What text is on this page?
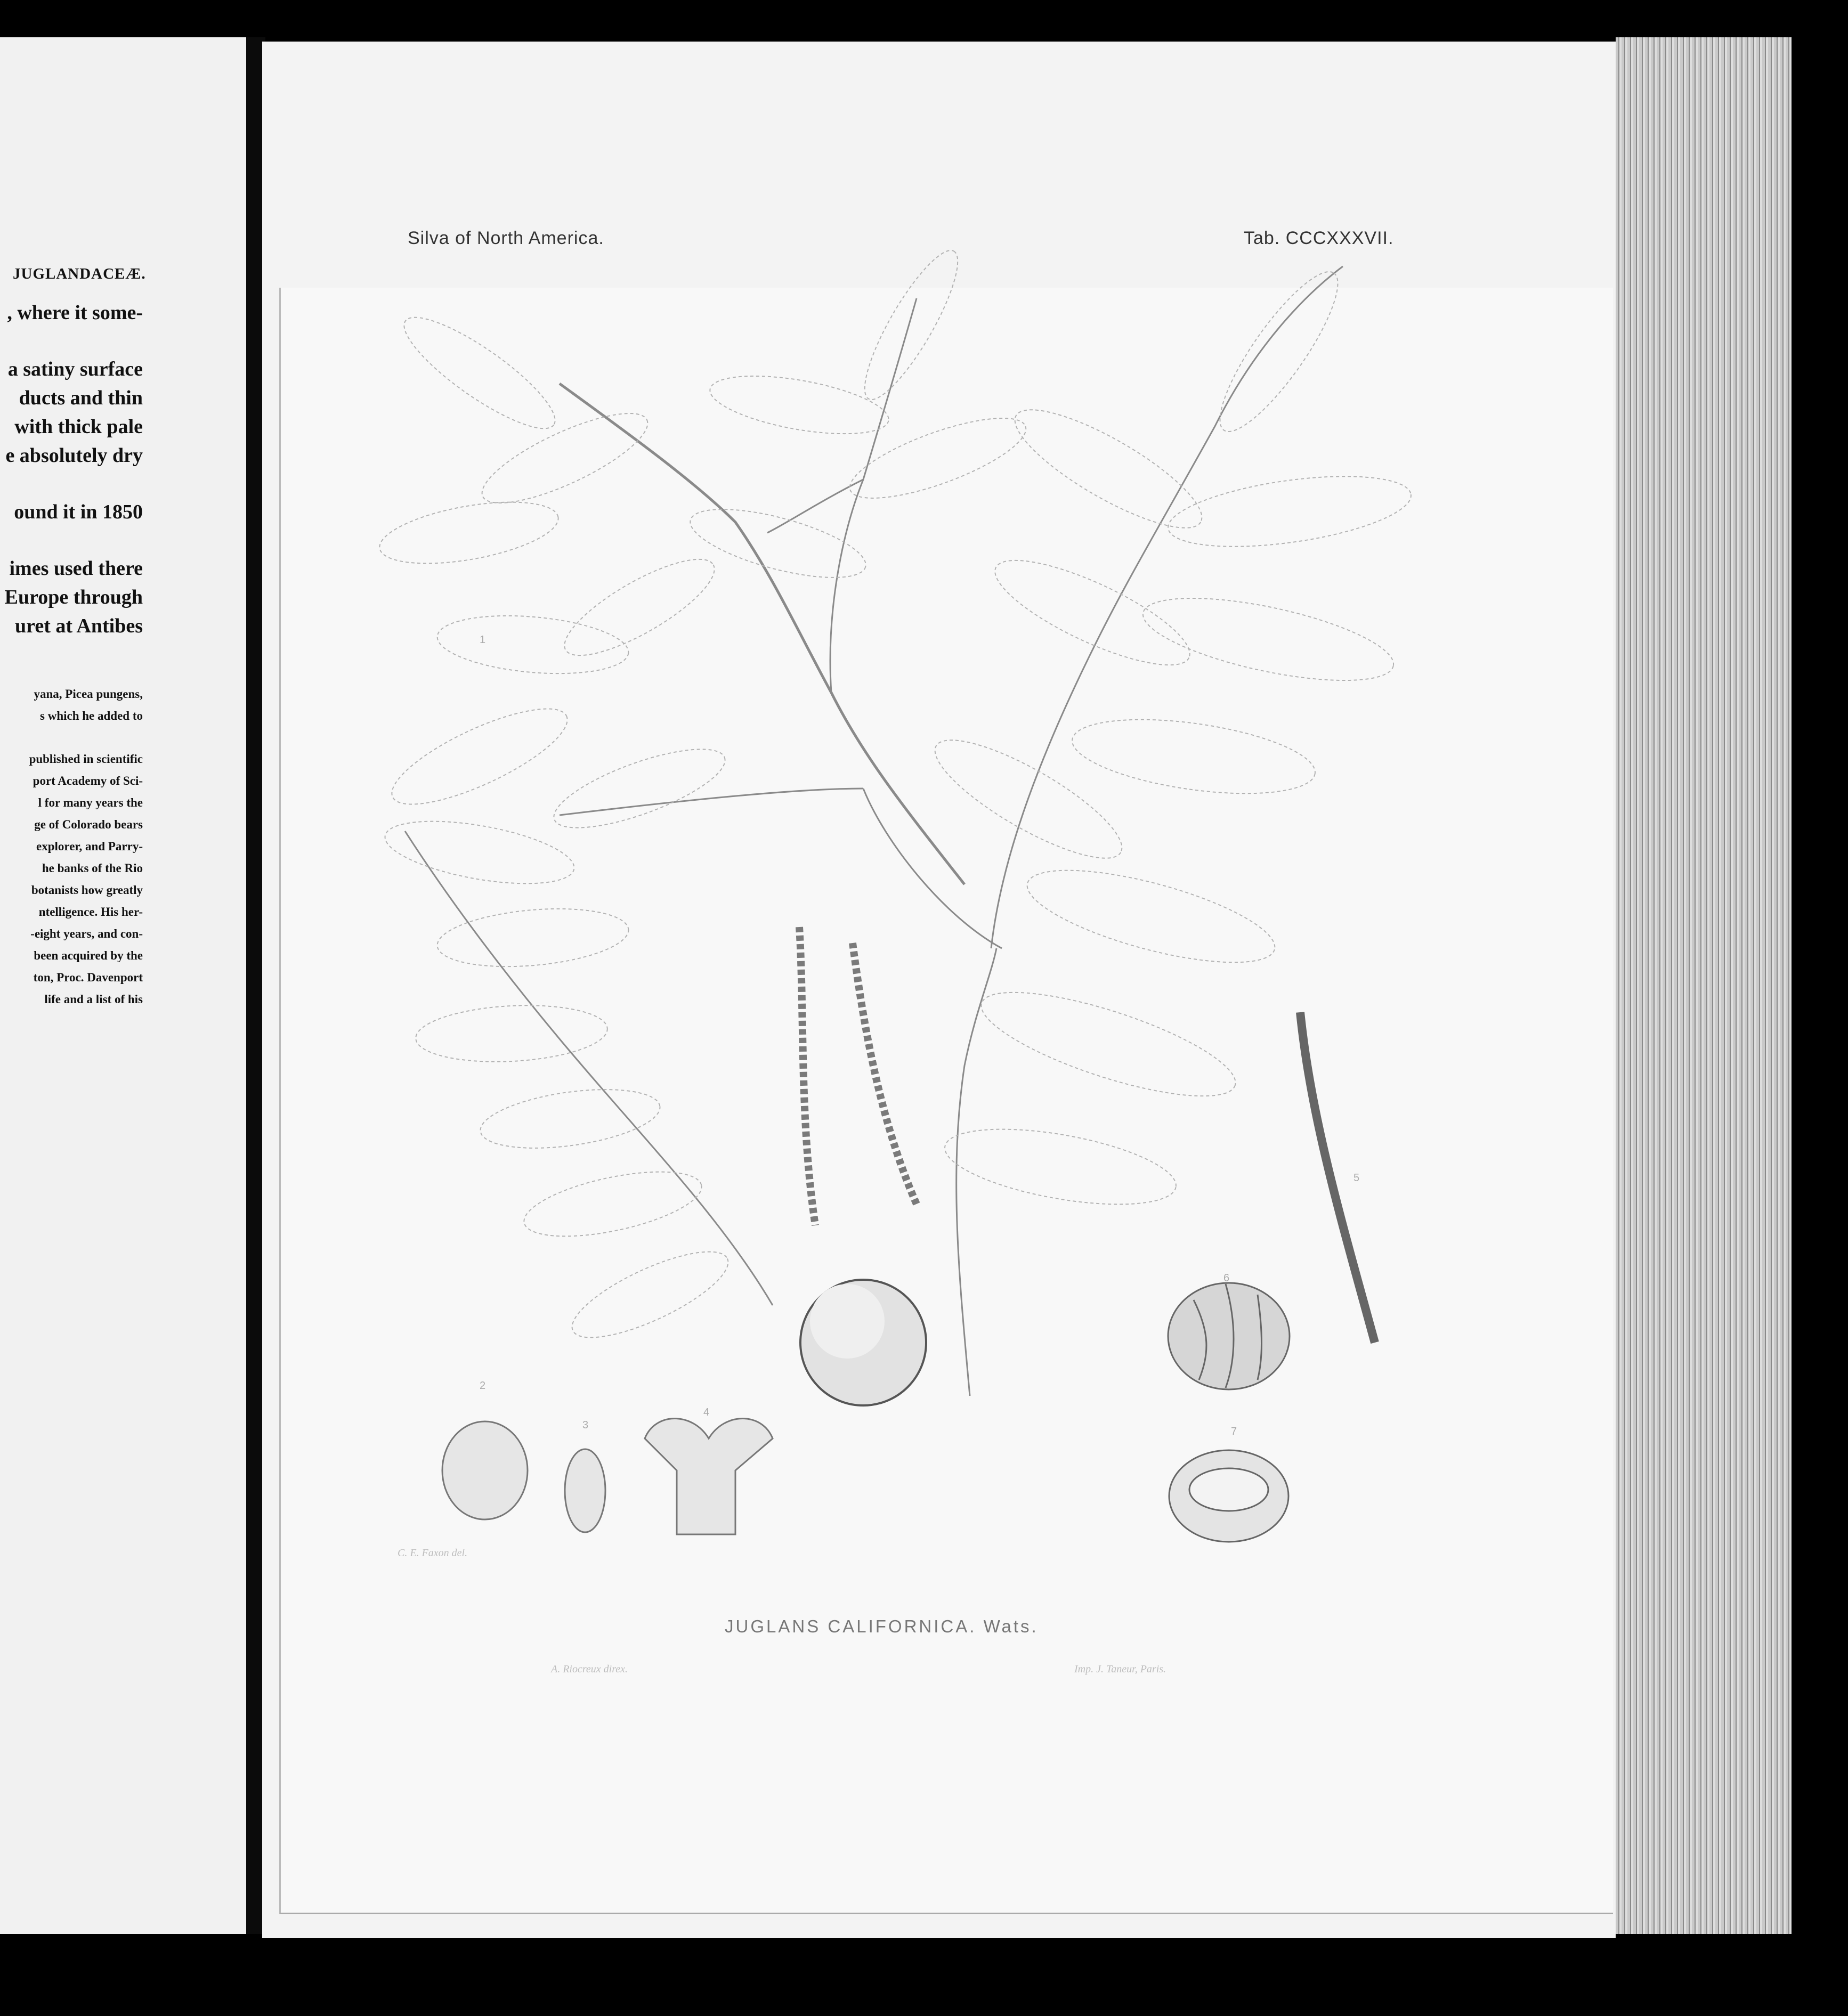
JUGLANDACEÆ.
, where it some-
a satiny surface
ducts and thin
with thick pale
e absolutely dry
ound it in 1850
imes used there
Europe through
uret at Antibes
yana, Picea pungens,
s which he added to
published in scientific
port Academy of Sci-
l for many years the
ge of Colorado bears
explorer, and Parry-
he banks of the Rio
botanists how greatly
ntelligence. His her-
-eight years, and con-
been acquired by the
ton, Proc. Davenport
life and a list of his
Silva of North America.	Tab. CCCXXXVII.
1
2
3
4
5
6
7
C. E. Faxon del.
JUGLANS CALIFORNICA. Wats.
A. Riocreux direx.	Imp. J. Taneur, Paris.
